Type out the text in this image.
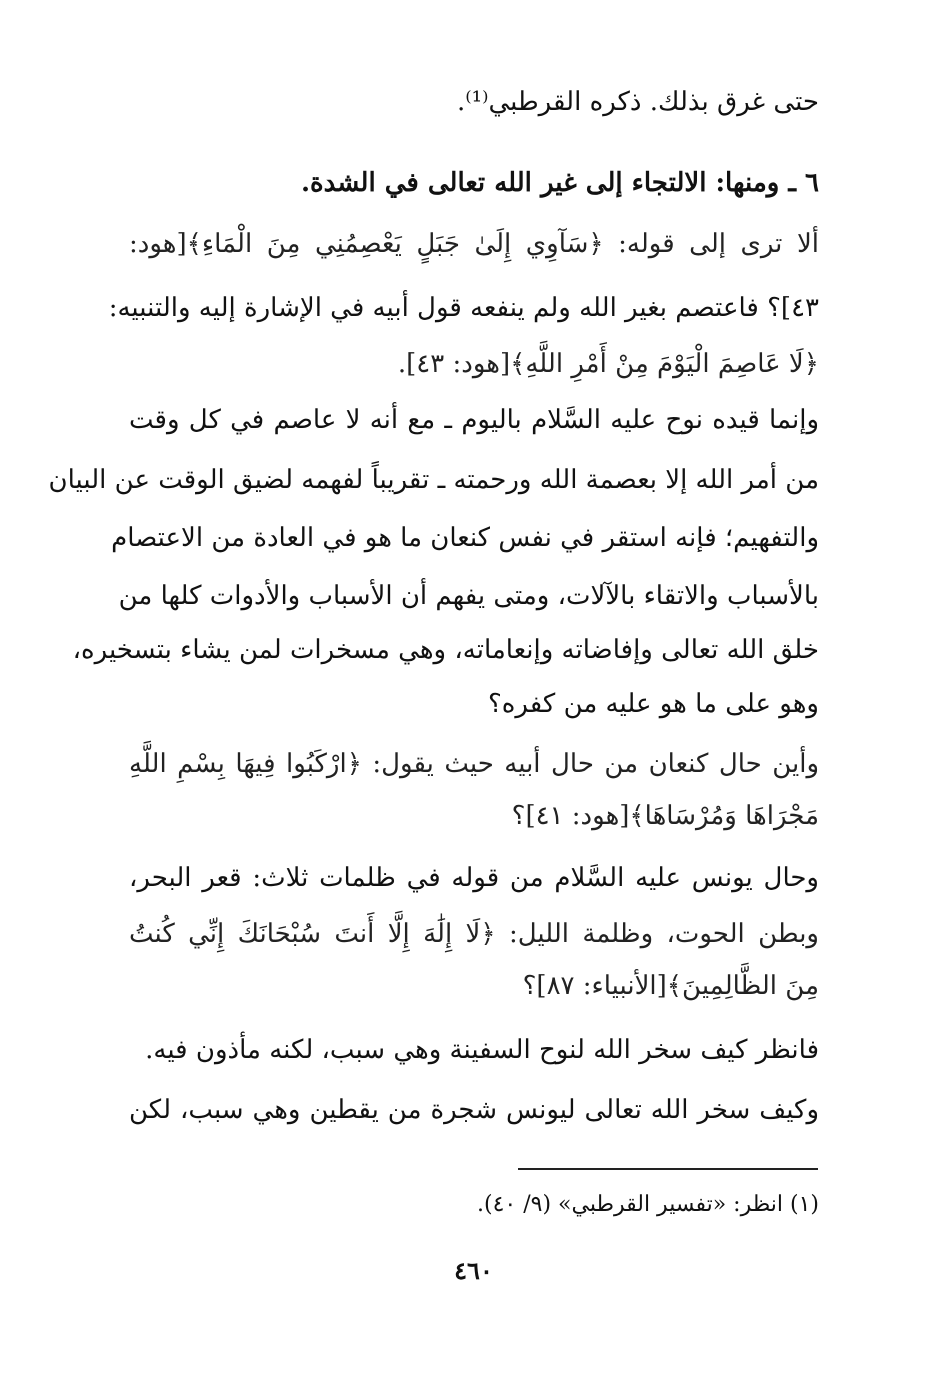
حتى غرق بذلك. ذكره القرطبي⁽¹⁾.
٦ ـ ومنها: الالتجاء إلى غير الله تعالى في الشدة.
ألا ترى إلى قوله: ﴿سَآوِي إِلَىٰ جَبَلٍ يَعْصِمُنِي مِنَ الْمَاءِ﴾[هود:
٤٣]؟ فاعتصم بغير الله ولم ينفعه قول أبيه في الإشارة إليه والتنبيه:
﴿لَا عَاصِمَ الْيَوْمَ مِنْ أَمْرِ اللَّهِ﴾[هود: ٤٣].
وإنما قيده نوح عليه السَّلام باليوم ـ مع أنه لا عاصم في كل وقت
من أمر الله إلا بعصمة الله ورحمته ـ تقريباً لفهمه لضيق الوقت عن البيان
والتفهيم؛ فإنه استقر في نفس كنعان ما هو في العادة من الاعتصام
بالأسباب والاتقاء بالآلات، ومتى يفهم أن الأسباب والأدوات كلها من
خلق الله تعالى وإفاضاته وإنعاماته، وهي مسخرات لمن يشاء بتسخيره،
وهو على ما هو عليه من كفره؟
وأين حال كنعان من حال أبيه حيث يقول: ﴿ارْكَبُوا فِيهَا بِسْمِ اللَّهِ
مَجْرَاهَا وَمُرْسَاهَا﴾[هود: ٤١]؟
وحال يونس عليه السَّلام من قوله في ظلمات ثلاث: قعر البحر،
وبطن الحوت، وظلمة الليل: ﴿لَا إِلَٰهَ إِلَّا أَنتَ سُبْحَانَكَ إِنِّي كُنتُ
مِنَ الظَّالِمِينَ﴾[الأنبياء: ٨٧]؟
فانظر كيف سخر الله لنوح السفينة وهي سبب، لكنه مأذون فيه.
وكيف سخر الله تعالى ليونس شجرة من يقطين وهي سبب، لكن
(١) انظر: «تفسير القرطبي» (٩/ ٤٠).
٤٦٠
